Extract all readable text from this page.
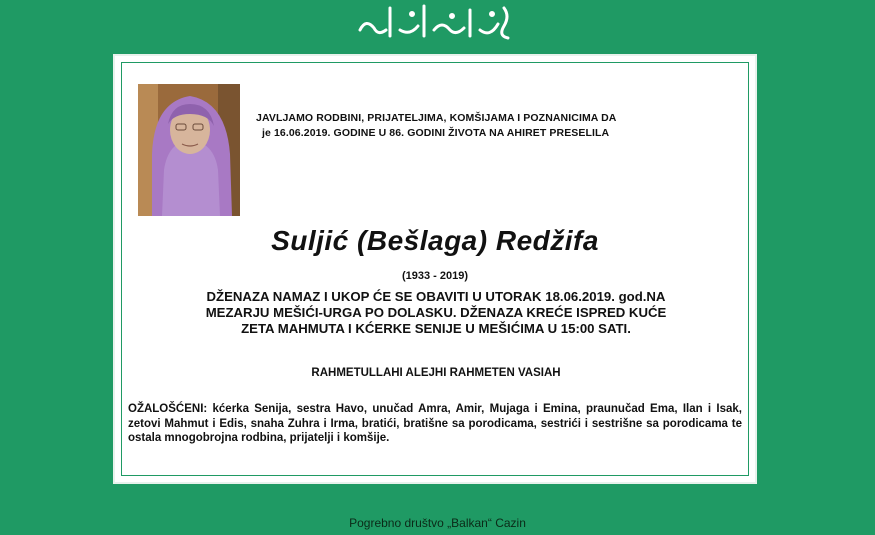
JAVLJAMO RODBINI, PRIJATELJIMA, KOMŠIJAMA I POZNANICIMA DA
je 16.06.2019. GODINE U 86. GODINI ŽIVOTA NA AHIRET PRESELILA
Suljić (Bešlaga) Redžifa
(1933 - 2019)
DŽENAZA NAMAZ I UKOP ĆE SE OBAVITI U UTORAK 18.06.2019. god.NA
MEZARJU MEŠIĆI-URGA PO DOLASKU. DŽENAZA KREĆE ISPRED KUĆE
ZETA MAHMUTA I KĆERKE SENIJE U MEŠIĆIMA U 15:00 SATI.
RAHMETULLAHI ALEJHI RAHMETEN VASIAH
OŽALOŠĆENI: kćerka Senija, sestra Havo, unučad Amra, Amir, Mujaga i Emina, praunučad Ema, Ilan i Isak, zetovi Mahmut i Edis, snaha Zuhra i Irma, bratići, bratišne sa porodicama, sestrići i sestrišne sa porodicama te ostala mnogobrojna rodbina, prijatelji i komšije.
Pogrebno društvo „Balkan“ Cazin
